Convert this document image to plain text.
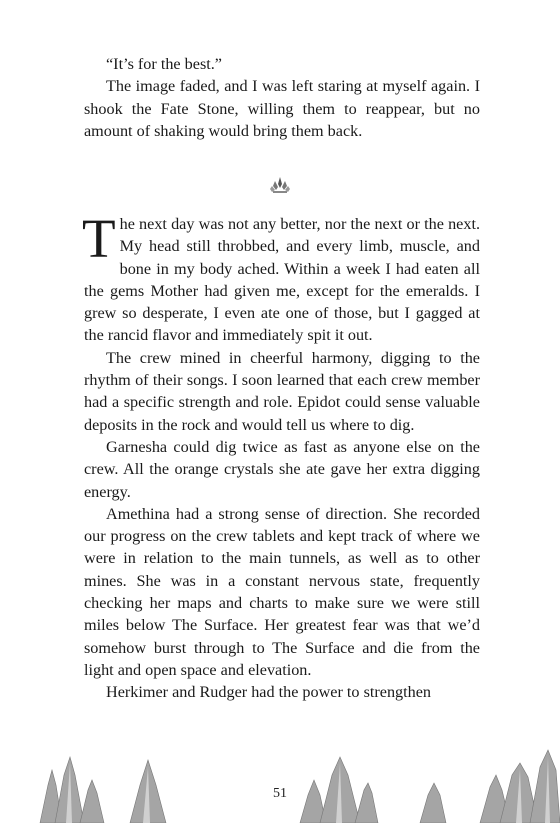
“It’s for the best.”

The image faded, and I was left staring at myself again. I shook the Fate Stone, willing them to reappear, but no amount of shaking would bring them back.

The next day was not any better, nor the next or the next. My head still throbbed, and every limb, muscle, and bone in my body ached. Within a week I had eaten all the gems Mother had given me, except for the emeralds. I grew so desperate, I even ate one of those, but I gagged at the rancid flavor and immediately spit it out.

The crew mined in cheerful harmony, digging to the rhythm of their songs. I soon learned that each crew member had a specific strength and role. Epidot could sense valuable deposits in the rock and would tell us where to dig.

Garnesha could dig twice as fast as anyone else on the crew. All the orange crystals she ate gave her extra digging energy.

Amethina had a strong sense of direction. She recorded our progress on the crew tablets and kept track of where we were in relation to the main tunnels, as well as to other mines. She was in a constant nervous state, frequently checking her maps and charts to make sure we were still miles below The Surface. Her greatest fear was that we’d somehow burst through to The Surface and die from the light and open space and elevation.

Herkimer and Rudger had the power to strengthen

51
